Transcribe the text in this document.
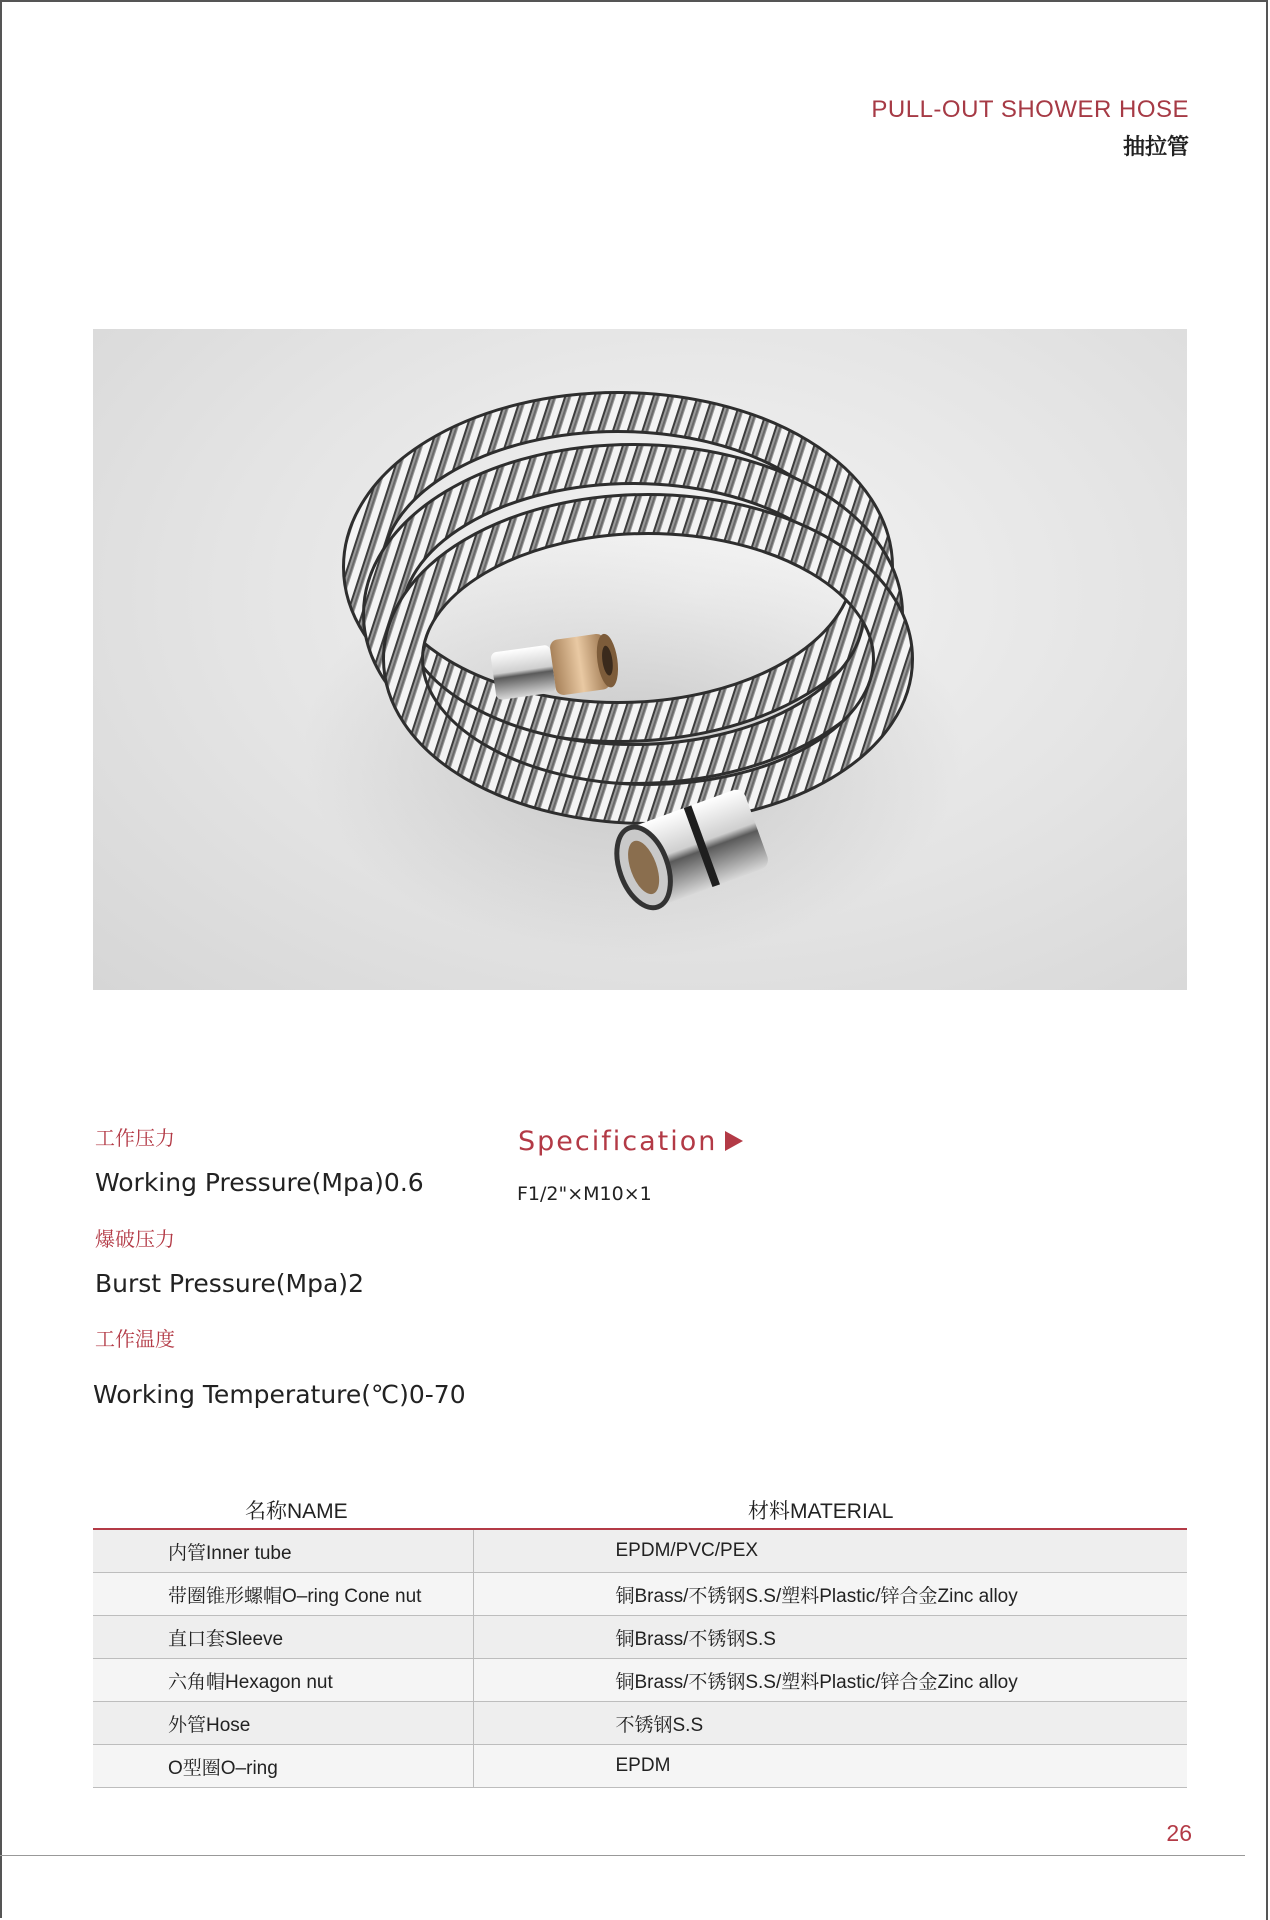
PULL-OUT SHOWER HOSE
抽拉管
工作压力
Working Pressure(Mpa)0.6
爆破压力
Burst Pressure(Mpa)2
工作温度
Working Temperature(℃)0-70
Specification
F1/2"×M10×1
名称NAME	材料MATERIAL
内管Inner tube	EPDM/PVC/PEX
带圈锥形螺帽O–ring Cone nut	铜Brass/不锈钢S.S/塑料Plastic/锌合金Zinc alloy
直口套Sleeve	铜Brass/不锈钢S.S
六角帽Hexagon nut	铜Brass/不锈钢S.S/塑料Plastic/锌合金Zinc alloy
外管Hose	不锈钢S.S
O型圈O–ring	EPDM
26
